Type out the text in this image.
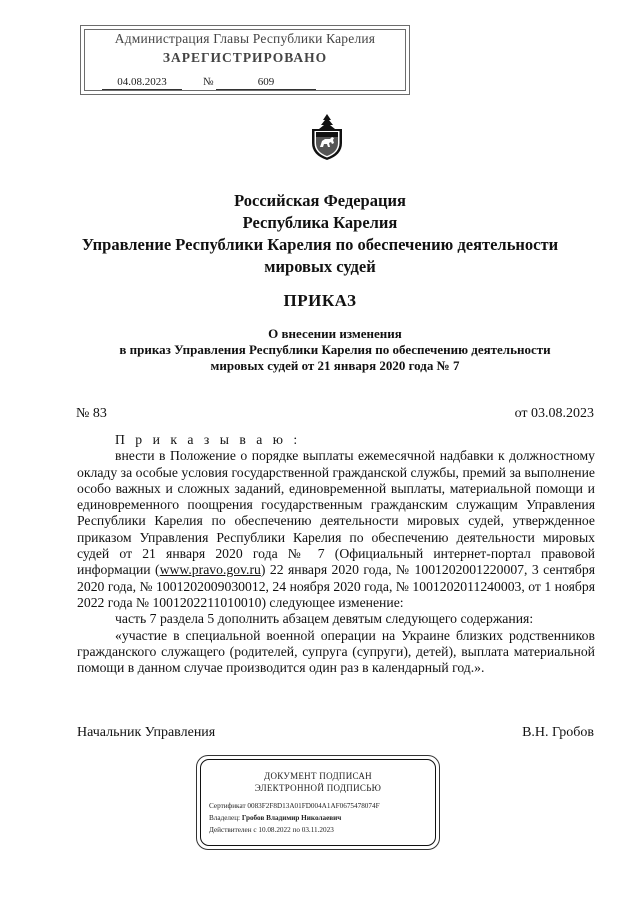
Администрация Главы Республики Карелия
ЗАРЕГИСТРИРОВАНО
04.08.2023	№	609
Российская Федерация
Республика Карелия
Управление Республики Карелия по обеспечению деятельности
мировых судей
ПРИКАЗ
О внесении изменения
в приказ Управления Республики Карелия по обеспечению деятельности
мировых судей от 21 января 2020 года № 7
№ 83	от 03.08.2023

П р и к а з ы в а ю :

внести в Положение о порядке выплаты ежемесячной надбавки к должностному окладу за особые условия государственной гражданской службы, премий за выполнение особо важных и сложных заданий, единовременной выплаты, материальной помощи и единовременного поощрения государственным гражданским служащим Управления Республики Карелия по обеспечению деятельности мировых судей, утвержденное приказом Управления Республики Карелия по обеспечению деятельности мировых судей от 21 января 2020 года № 7 (Официальный интернет-портал правовой информации (www.pravo.gov.ru) 22 января 2020 года, № 1001202001220007, 3 сентября 2020 года, № 1001202009030012, 24 ноября 2020 года, № 1001202011240003, от 1 ноября 2022 года № 1001202211010010) следующее изменение:

часть 7 раздела 5 дополнить абзацем девятым следующего содержания:

«участие в специальной военной операции на Украине близких родственников гражданского служащего (родителей, супруга (супруги), детей), выплата материальной помощи в данном случае производится один раз в календарный год.».

Начальник Управления	В.Н. Гробов
ДОКУМЕНТ ПОДПИСАН
ЭЛЕКТРОННОЙ ПОДПИСЬЮ
Сертификат 0083F2F8D13A01FD004A1AF0675478074F
Владелец: Гробов Владимир Николаевич
Действителен с 10.08.2022 по 03.11.2023
